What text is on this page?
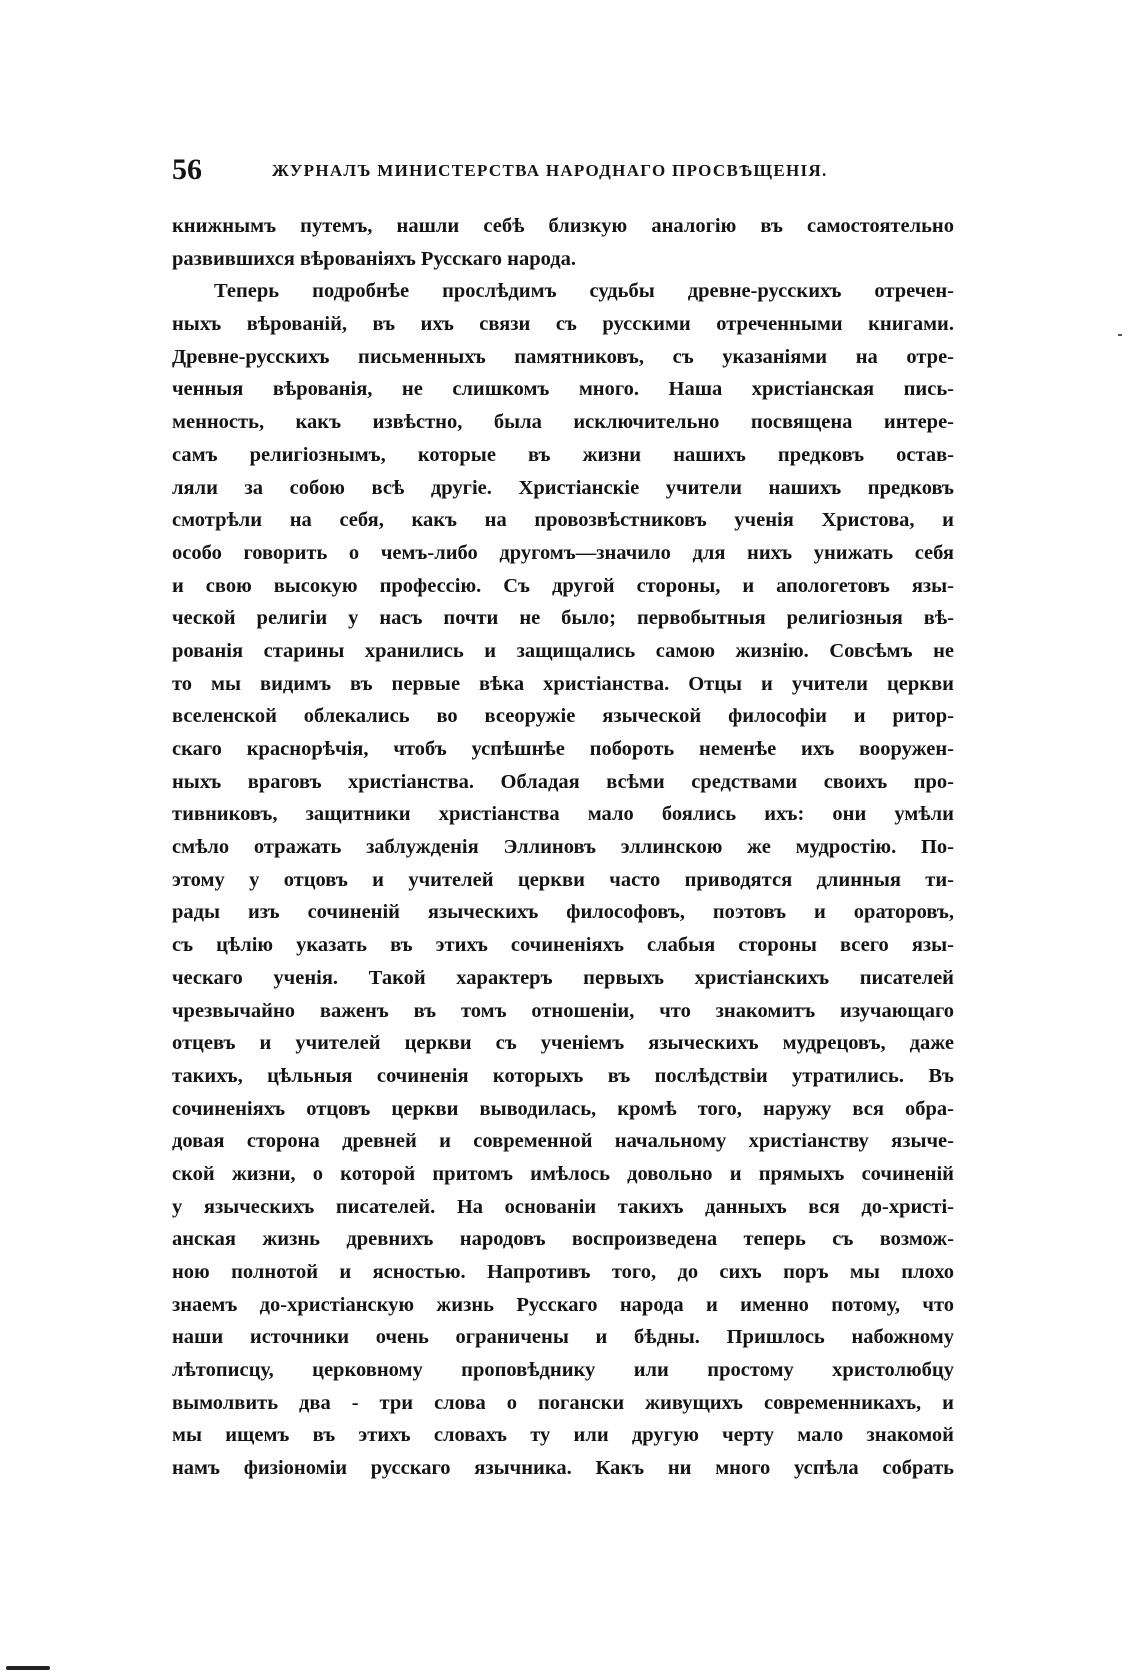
56	ЖУРНАЛЪ МИНИСТЕРСТВА НАРОДНАГО ПРОСВѢЩЕНІЯ.
книжнымъ путемъ, нашли себѣ близкую аналогію въ самостоятельно
развившихся вѣрованіяхъ Русскаго народа.
Теперь подробнѣе прослѣдимъ судьбы древне-русскихъ отречен-
ныхъ вѣрованій, въ ихъ связи съ русскими отреченными книгами.
Древне-русскихъ письменныхъ памятниковъ, съ указаніями на отре-
ченныя вѣрованія, не слишкомъ много. Наша христіанская пись-
менность, какъ извѣстно, была исключительно посвящена интере-
самъ религіознымъ, которые въ жизни нашихъ предковъ остав-
ляли за собою всѣ другіе. Христіанскіе учители нашихъ предковъ
смотрѣли на себя, какъ на провозвѣстниковъ ученія Христова, и
особо говорить о чемъ-либо другомъ—значило для нихъ унижать себя
и свою высокую профессію. Съ другой стороны, и апологетовъ язы-
ческой религіи у насъ почти не было; первобытныя религіозныя вѣ-
рованія старины хранились и защищались самою жизнію. Совсѣмъ не
то мы видимъ въ первые вѣка христіанства. Отцы и учители церкви
вселенской облекались во всеоружіе языческой философіи и ритор-
скаго краснорѣчія, чтобъ успѣшнѣе побороть неменѣе ихъ вооружен-
ныхъ враговъ христіанства. Обладая всѣми средствами своихъ про-
тивниковъ, защитники христіанства мало боялись ихъ: они умѣли
смѣло отражать заблужденія Эллиновъ эллинскою же мудростію. По-
этому у отцовъ и учителей церкви часто приводятся длинныя ти-
рады изъ сочиненій языческихъ философовъ, поэтовъ и ораторовъ,
съ цѣлію указать въ этихъ сочиненіяхъ слабыя стороны всего язы-
ческаго ученія. Такой характеръ первыхъ христіанскихъ писателей
чрезвычайно важенъ въ томъ отношеніи, что знакомитъ изучающаго
отцевъ и учителей церкви съ ученіемъ языческихъ мудрецовъ, даже
такихъ, цѣльныя сочиненія которыхъ въ послѣдствіи утратились. Въ
сочиненіяхъ отцовъ церкви выводилась, кромѣ того, наружу вся обра-
довая сторона древней и современной начальному христіанству языче-
ской жизни, о которой притомъ имѣлось довольно и прямыхъ сочиненій
у языческихъ писателей. На основаніи такихъ данныхъ вся до-христі-
анская жизнь древнихъ народовъ воспроизведена теперь съ возмож-
ною полнотой и ясностью. Напротивъ того, до сихъ поръ мы плохо
знаемъ до-христіанскую жизнь Русскаго народа и именно потому, что
наши источники очень ограничены и бѣдны. Пришлось набожному
лѣтописцу, церковному проповѣднику или простому христолюбцу
вымолвить два - три слова о погански живущихъ современникахъ, и
мы ищемъ въ этихъ словахъ ту или другую черту мало знакомой
намъ физіономіи русскаго язычника. Какъ ни много успѣла собрать
